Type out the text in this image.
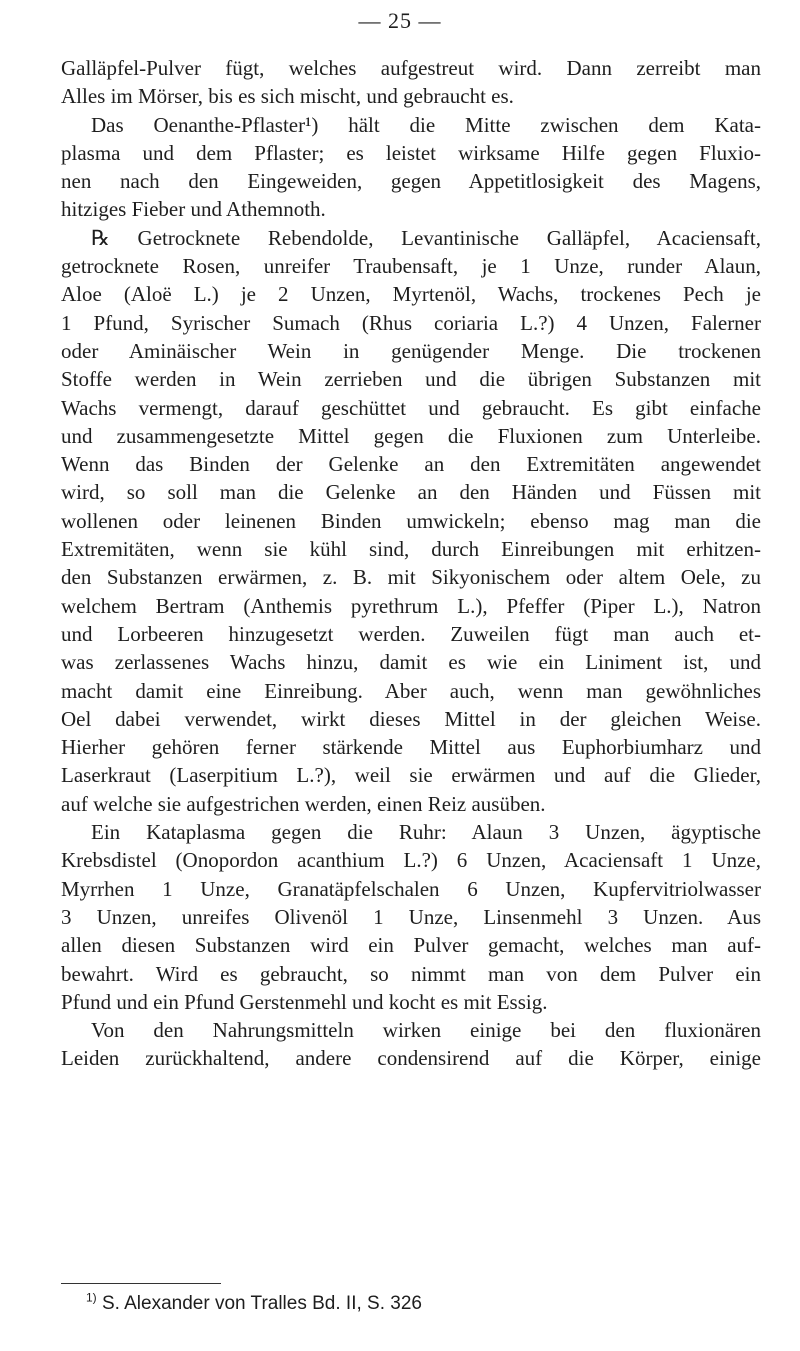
— 25 —
Galläpfel-Pulver fügt, welches aufgestreut wird. Dann zerreibt man
Alles im Mörser, bis es sich mischt, und gebraucht es.
Das Oenanthe-Pflaster¹) hält die Mitte zwischen dem Kata-
plasma und dem Pflaster; es leistet wirksame Hilfe gegen Fluxio-
nen nach den Eingeweiden, gegen Appetitlosigkeit des Magens,
hitziges Fieber und Athemnoth.
℞ Getrocknete Rebendolde, Levantinische Galläpfel, Acaciensaft,
getrocknete Rosen, unreifer Traubensaft, je 1 Unze, runder Alaun,
Aloe (Aloë L.) je 2 Unzen, Myrtenöl, Wachs, trockenes Pech je
1 Pfund, Syrischer Sumach (Rhus coriaria L.?) 4 Unzen, Falerner
oder Aminäischer Wein in genügender Menge. Die trockenen
Stoffe werden in Wein zerrieben und die übrigen Substanzen mit
Wachs vermengt, darauf geschüttet und gebraucht. Es gibt einfache
und zusammengesetzte Mittel gegen die Fluxionen zum Unterleibe.
Wenn das Binden der Gelenke an den Extremitäten angewendet
wird, so soll man die Gelenke an den Händen und Füssen mit
wollenen oder leinenen Binden umwickeln; ebenso mag man die
Extremitäten, wenn sie kühl sind, durch Einreibungen mit erhitzen-
den Substanzen erwärmen, z. B. mit Sikyonischem oder altem Oele, zu
welchem Bertram (Anthemis pyrethrum L.), Pfeffer (Piper L.), Natron
und Lorbeeren hinzugesetzt werden. Zuweilen fügt man auch et-
was zerlassenes Wachs hinzu, damit es wie ein Liniment ist, und
macht damit eine Einreibung. Aber auch, wenn man gewöhnliches
Oel dabei verwendet, wirkt dieses Mittel in der gleichen Weise.
Hierher gehören ferner stärkende Mittel aus Euphorbiumharz und
Laserkraut (Laserpitium L.?), weil sie erwärmen und auf die Glieder,
auf welche sie aufgestrichen werden, einen Reiz ausüben.
Ein Kataplasma gegen die Ruhr: Alaun 3 Unzen, ägyptische
Krebsdistel (Onopordon acanthium L.?) 6 Unzen, Acaciensaft 1 Unze,
Myrrhen 1 Unze, Granatäpfelschalen 6 Unzen, Kupfervitriolwasser
3 Unzen, unreifes Olivenöl 1 Unze, Linsenmehl 3 Unzen. Aus
allen diesen Substanzen wird ein Pulver gemacht, welches man auf-
bewahrt. Wird es gebraucht, so nimmt man von dem Pulver ein
Pfund und ein Pfund Gerstenmehl und kocht es mit Essig.
Von den Nahrungsmitteln wirken einige bei den fluxionären
Leiden zurückhaltend, andere condensirend auf die Körper, einige
$^{1)}$ S. Alexander von Tralles Bd. II, S. 326
